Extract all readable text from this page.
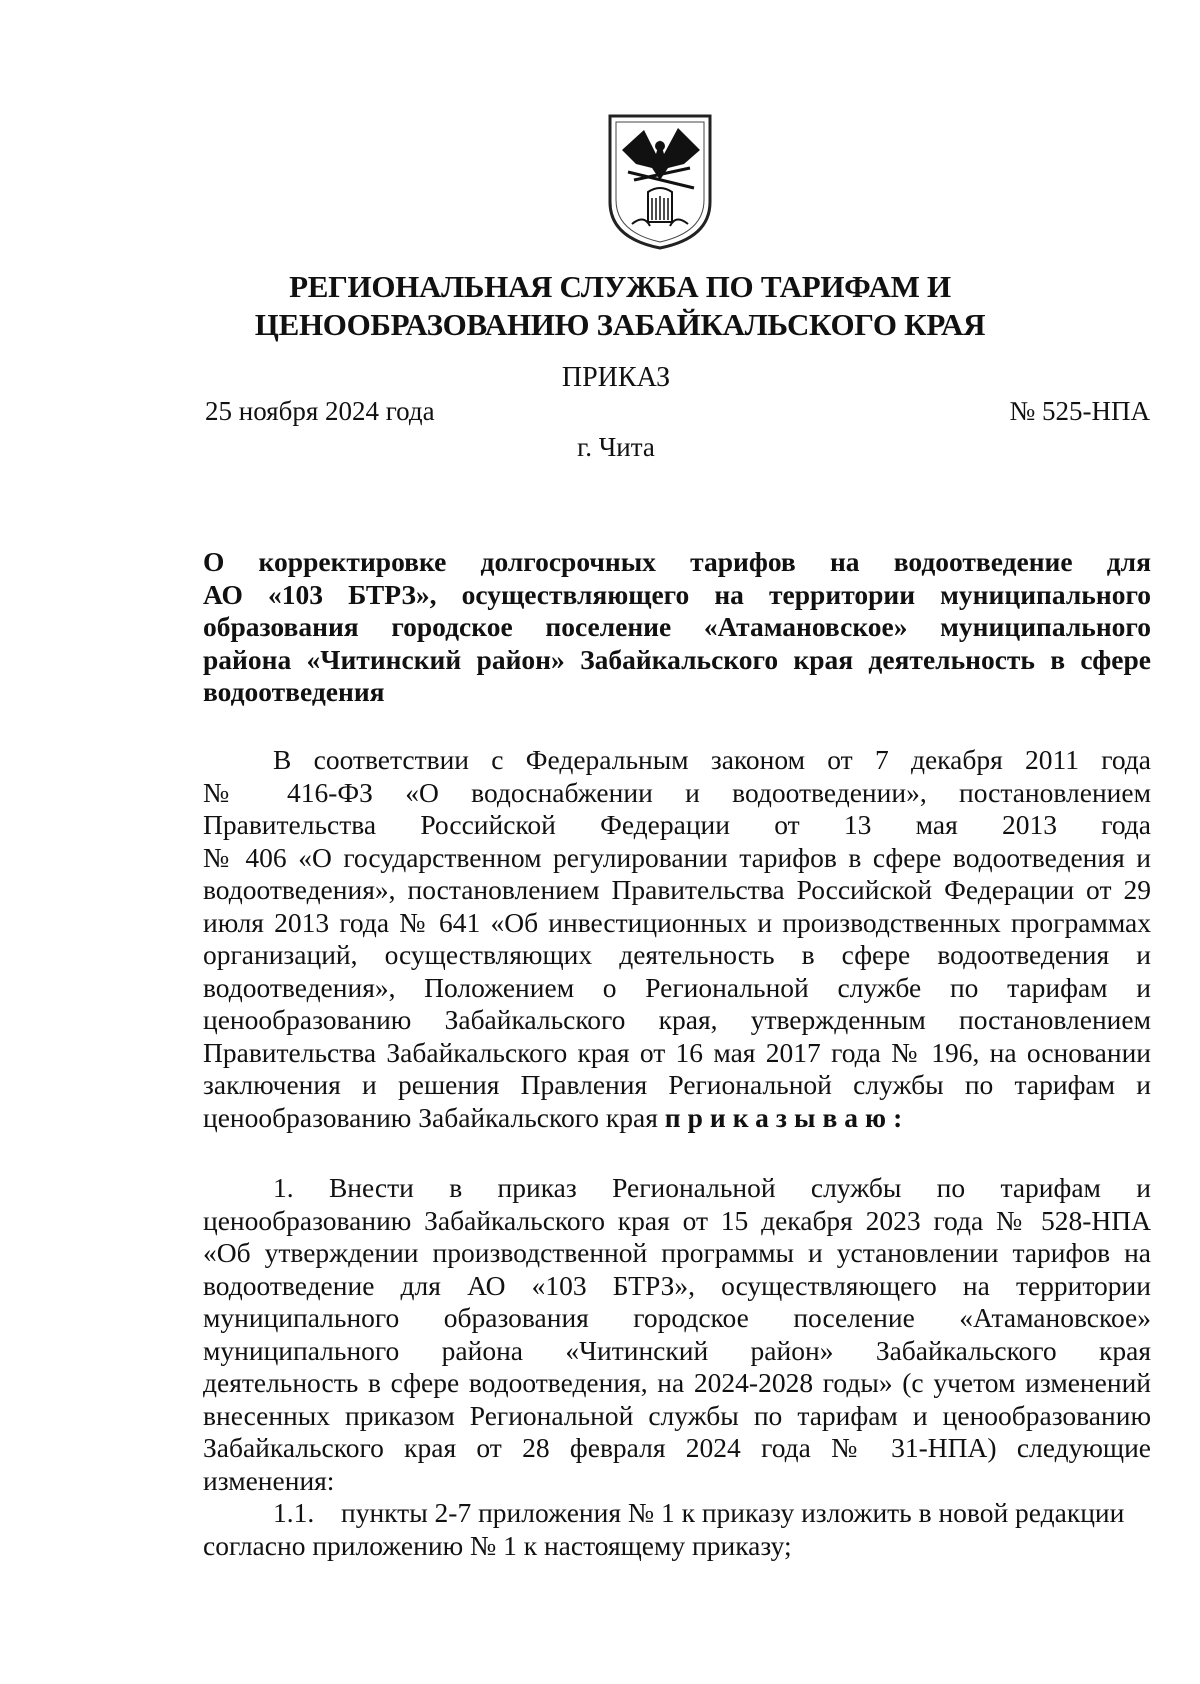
РЕГИОНАЛЬНАЯ СЛУЖБА ПО ТАРИФАМ И
ЦЕНООБРАЗОВАНИЮ ЗАБАЙКАЛЬСКОГО КРАЯ
ПРИКАЗ
25 ноября 2024 года	№ 525-НПА
г. Чита
О корректировке долгосрочных тарифов на водоотведение для
АО «103 БТРЗ», осуществляющего на территории муниципального
образования городское поселение «Атамановское» муниципального
района «Читинский район» Забайкальского края деятельность в сфере
водоотведения
В соответствии с Федеральным законом от 7 декабря 2011 года
№ 416-ФЗ «О водоснабжении и водоотведении», постановлением
Правительства Российской Федерации от 13 мая 2013 года
№ 406 «О государственном регулировании тарифов в сфере водоотведения и
водоотведения», постановлением Правительства Российской Федерации от 29
июля 2013 года № 641 «Об инвестиционных и производственных программах
организаций, осуществляющих деятельность в сфере водоотведения и
водоотведения», Положением о Региональной службе по тарифам и
ценообразованию Забайкальского края, утвержденным постановлением
Правительства Забайкальского края от 16 мая 2017 года № 196, на основании
заключения и решения Правления Региональной службы по тарифам и
ценообразованию Забайкальского края приказываю:
1. Внести в приказ Региональной службы по тарифам и
ценообразованию Забайкальского края от 15 декабря 2023 года № 528-НПА
«Об утверждении производственной программы и установлении тарифов на
водоотведение для АО «103 БТРЗ», осуществляющего на территории
муниципального образования городское поселение «Атамановское»
муниципального района «Читинский район» Забайкальского края
деятельность в сфере водоотведения, на 2024-2028 годы» (с учетом изменений
внесенных приказом Региональной службы по тарифам и ценообразованию
Забайкальского края от 28 февраля 2024 года № 31-НПА) следующие
изменения:
1.1. пункты 2-7 приложения № 1 к приказу изложить в новой редакции
согласно приложению № 1 к настоящему приказу;
